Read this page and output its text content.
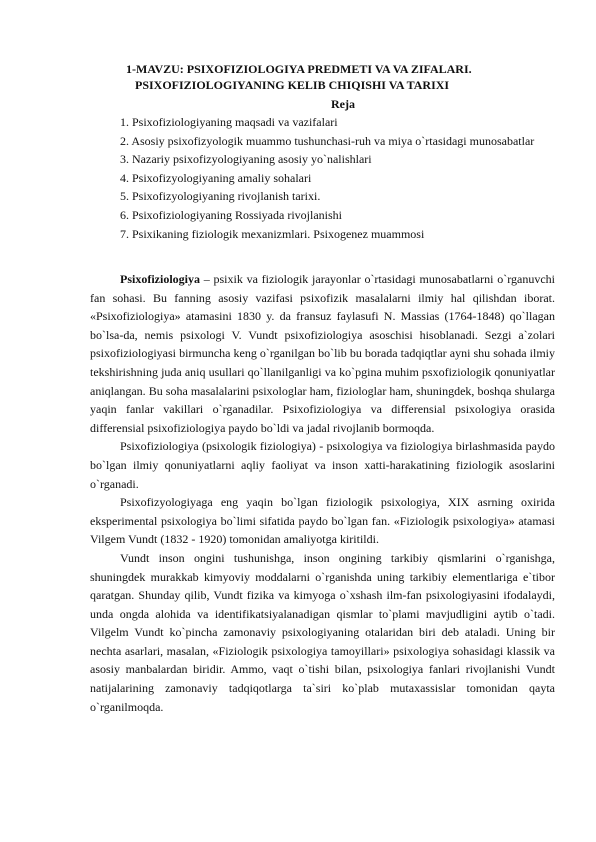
1-MAVZU: PSIXOFIZIOLOGIYA PREDMETI VA VA ZIFALARI.
PSIXOFIZIOLOGIYANING KELIB CHIQISHI VA TARIXI
Reja

1. Psixofiziologiyaning maqsadi va vazifalari

2. Asosiy psixofizyologik muammo tushunchasi-ruh va miya o`rtasidagi munosabatlar

3. Nazariy psixofizyologiyaning asosiy yo`nalishlari

4. Psixofizyologiyaning amaliy sohalari

5. Psixofizyologiyaning rivojlanish tarixi.

6. Psixofiziologiyaning Rossiyada rivojlanishi

7. Psixikaning fiziologik mexanizmlari. Psixogenez muammosi

Psixofiziologiya – psixik va fiziologik jarayonlar o`rtasidagi munosabatlarni o`rganuvchi fan sohasi. Bu fanning asosiy vazifasi psixofizik masalalarni ilmiy hal qilishdan iborat. «Psixofiziologiya» atamasini 1830 y. da fransuz faylasufi N. Massias (1764-1848) qo`llagan bo`lsa-da, nemis psixologi V. Vundt psixofiziologiya asoschisi hisoblanadi. Sezgi a`zolari psixofiziologiyasi birmuncha keng o`rganilgan bo`lib bu borada tadqiqtlar ayni shu sohada ilmiy tekshirishning juda aniq usullari qo`llanilganligi va ko`pgina muhim psxofiziologik qonuniyatlar aniqlangan. Bu soha masalalarini psixologlar ham, fiziologlar ham, shuningdek, boshqa shularga yaqin fanlar vakillari o`rganadilar. Psixofiziologiya va differensial psixologiya orasida differensial psixofiziologiya paydo bo`ldi va jadal rivojlanib bormoqda.

Psixofiziologiya (psixologik fiziologiya) - psixologiya va fiziologiya birlashmasida paydo bo`lgan ilmiy qonuniyatlarni aqliy faoliyat va inson xatti-harakatining fiziologik asoslarini o`rganadi.

Psixofizyologiyaga eng yaqin bo`lgan fiziologik psixologiya, XIX asrning oxirida eksperimental psixologiya bo`limi sifatida paydo bo`lgan fan. «Fiziologik psixologiya» atamasi Vilgem Vundt (1832 - 1920) tomonidan amaliyotga kiritildi.

Vundt inson ongini tushunishga, inson ongining tarkibiy qismlarini o`rganishga, shuningdek murakkab kimyoviy moddalarni o`rganishda uning tarkibiy elementlariga e`tibor qaratgan. Shunday qilib, Vundt fizika va kimyoga o`xshash ilm-fan psixologiyasini ifodalaydi, unda ongda alohida va identifikatsiyalanadigan qismlar to`plami mavjudligini aytib o`tadi. Vilgelm Vundt ko`pincha zamonaviy psixologiyaning otalaridan biri deb ataladi. Uning bir nechta asarlari, masalan, «Fiziologik psixologiya tamoyillari» psixologiya sohasidagi klassik va asosiy manbalardan biridir. Ammo, vaqt o`tishi bilan, psixologiya fanlari rivojlanishi Vundt natijalarining zamonaviy tadqiqotlarga ta`siri ko`plab mutaxassislar tomonidan qayta o`rganilmoqda.
